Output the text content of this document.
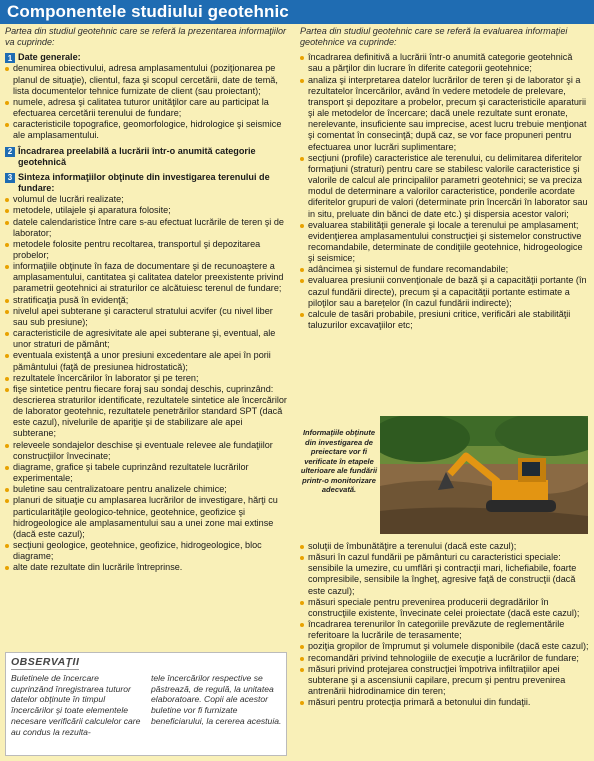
Componentele studiului geotehnic
Partea din studiul geotehnic care se referă la prezentarea informaţiilor va cuprinde:
1 Date generale:
denumirea obiectivului, adresa amplasamentului (poziţionarea pe planul de situaţie), clientul, faza şi scopul cercetării, date de temă, lista documentelor tehnice furnizate de client (sau proiectant);
numele, adresa şi calitatea tuturor unităţilor care au participat la efectuarea cercetării terenului de fundare;
caracteristicile topografice, geomorfologice, hidrologice şi seismice ale amplasamentului.
2 Încadrarea preelabilă a lucrării într-o anumită categorie geotehnică
3 Sinteza informaţiilor obţinute din investigarea terenului de fundare:
volumul de lucrări realizate;
metodele, utilajele şi aparatura folosite;
datele calendaristice între care s-au efectuat lucrările de teren şi de laborator;
metodele folosite pentru recoltarea, transportul şi depozitarea probelor;
informaţiile obţinute în faza de documentare şi de recunoaştere a amplasamentului, cantitatea şi calitatea datelor preexistente privind parametrii geotehnici ai straturilor ce alcătuiesc terenul de fundare;
stratificaţia pusă în evidenţă;
nivelul apei subterane şi caracterul stratului acvifer (cu nivel liber sau sub presiune);
caracteristicile de agresivitate ale apei subterane şi, eventual, ale unor straturi de pământ;
eventuala existenţă a unor presiuni excedentare ale apei în porii pământului (faţă de presiunea hidrostatică);
rezultatele încercărilor în laborator şi pe teren;
fişe sintetice pentru fiecare foraj sau sondaj deschis, cuprinzând: descrierea straturilor identificate, rezultatele sintetice ale încercărilor de laborator geotehnic, rezultatele penetrărilor standard SPT (dacă este cazul), nivelurile de apariţie şi de stabilizare ale apei subterane;
releveele sondajelor deschise şi eventuale relevee ale fundaţiilor construcţiilor învecinate;
diagrame, grafice şi tabele cuprinzând rezultatele lucrărilor experimentale;
buletine sau centralizatoare pentru analizele chimice;
planuri de situaţie cu amplasarea lucrărilor de investigare, hărţi cu particularităţile geologico-tehnice, geotehnice, geofizice şi hidrogeologice ale amplasamentului sau a unei zone mai extinse (dacă este cazul);
secţiuni geologice, geotehnice, geofizice, hidrogeologice, bloc diagrame;
alte date rezultate din lucrările întreprinse.
Partea din studiul geotehnic care se referă la evaluarea informaţiei geotehnice va cuprinde:
încadrarea definitivă a lucrării într-o anumită categorie geotehnică sau a părţilor din lucrare în diferite categorii geotehnice;
analiza şi interpretarea datelor lucrărilor de teren şi de laborator şi a rezultatelor încercărilor, având în vedere metodele de prelevare, transport şi depozitare a probelor, precum şi caracteristicile aparaturii şi ale metodelor de încercare; dacă unele rezultate sunt eronate, nerelevante, insuficiente sau imprecise, acest lucru trebuie menţionat şi comentat în consecinţă; după caz, se vor face propuneri pentru efectuarea unor lucrări suplimentare;
secţiuni (profile) caracteristice ale terenului, cu delimitarea diferitelor formaţiuni (straturi) pentru care se stabilesc valorile caracteristice şi valorile de calcul ale principalilor parametri geotehnici; se va preciza modul de determinare a valorilor caracteristice, ponderile acordate diferitelor grupuri de valori (determinate prin încercări în laborator sau in situ, preluate din bănci de date etc.) şi dispersia acestor valori;
evaluarea stabilităţii generale şi locale a terenului pe amplasament; evidenţierea amplasamentului construcţiei şi sistemelor constructive recomandabile, determinate de condiţiile geotehnice, hidrogeologice şi seismice;
adâncimea şi sistemul de fundare recomandabile;
evaluarea presiunii convenţionale de bază şi a capacităţii portante (în cazul fundării directe), precum şi a capacităţii portante estimate a piloţilor sau a barețelor (în cazul fundării indirecte);
calcule de tasări probabile, presiuni critice, verificări ale stabilităţii taluzurilor excavaţiilor etc;
Informaţiile obţinute din investigarea de preiectare vor fi verificate în etapele ulterioare ale fundării printr-o monitorizare adecvată.
soluţii de îmbunătăţire a terenului (dacă este cazul);
măsuri în cazul fundării pe pământuri cu caracteristici speciale: sensibile la umezire, cu umflări şi contracţii mari, lichefiabile, foarte compresibile, sensibile la îngheţ, agresive faţă de construcţii (dacă este cazul);
măsuri speciale pentru prevenirea producerii degradărilor în construcţiile existente, învecinate celei proiectate (dacă este cazul);
încadrarea terenurilor în categoriile prevăzute de reglementările referitoare la lucrările de terasamente;
poziţia gropilor de împrumut şi volumele disponibile (dacă este cazul);
recomandări privind tehnologiile de execuţie a lucrărilor de fundare;
măsuri privind protejarea construcţiei împotriva infiltraţiilor apei subterane şi a ascensiunii capilare, precum şi pentru prevenirea antrenării hidrodinamice din teren;
măsuri pentru protecţia primară a betonului din fundaţii.
OBSERVAŢII
Buletinele de încercare cuprinzând înregistrarea tuturor datelor obţinute în timpul încercărilor şi toate elementele necesare verificării calculelor care au condus la rezulta-
tele încercărilor respective se păstrează, de regulă, la unitatea elaboratoare. Copii ale acestor buletine vor fi furnizate beneficiarului, la cererea acestuia.
